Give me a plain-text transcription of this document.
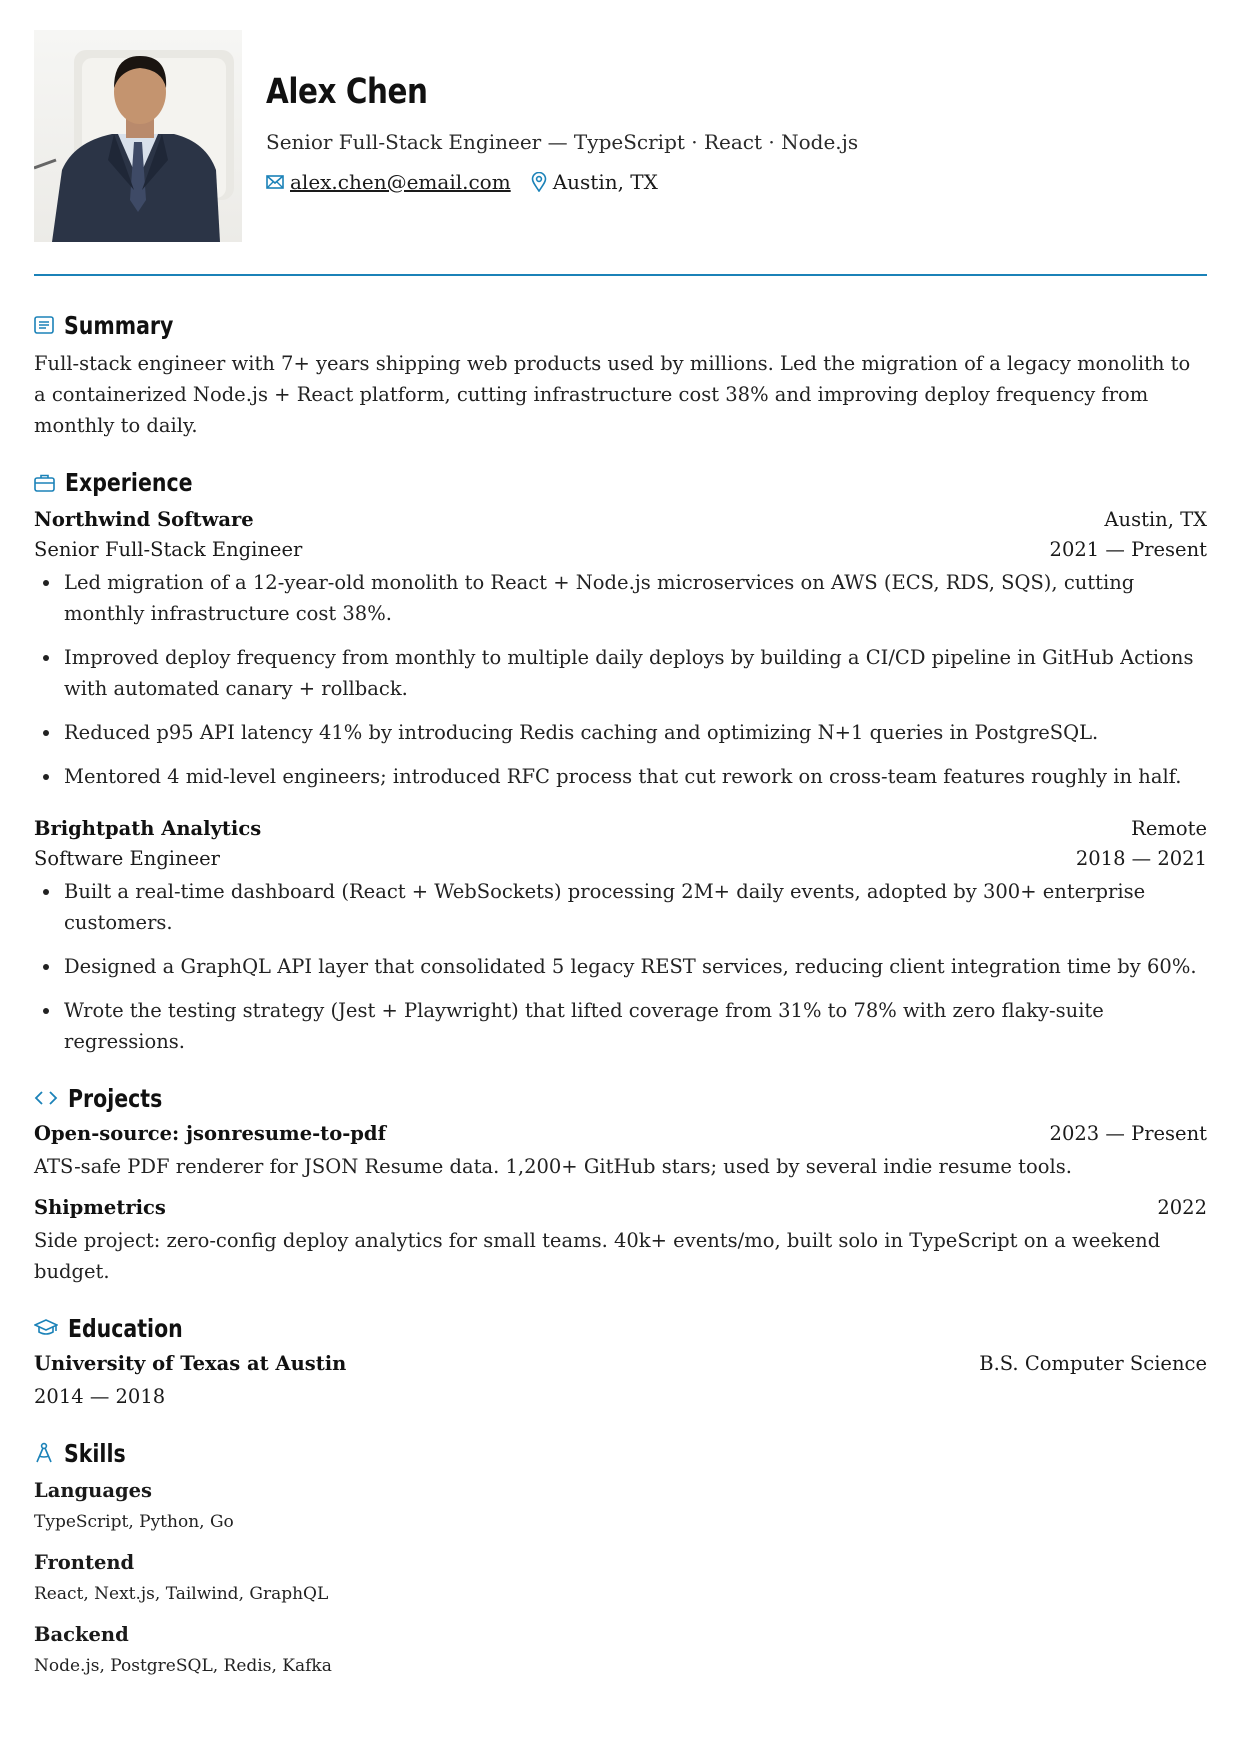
Alex Chen
Senior Full-Stack Engineer — TypeScript · React · Node.js
alex.chen@email.com Austin, TX
Summary

Full-stack engineer with 7+ years shipping web products used by millions. Led the migration of a legacy monolith to a containerized Node.js + React platform, cutting infrastructure cost 38% and improving deploy frequency from monthly to daily.

Experience
Northwind Software	Austin, TX
Senior Full-Stack Engineer	2021 — Present
• Led migration of a 12-year-old monolith to React + Node.js microservices on AWS (ECS, RDS, SQS), cutting monthly infrastructure cost 38%.
• Improved deploy frequency from monthly to multiple daily deploys by building a CI/CD pipeline in GitHub Actions with automated canary + rollback.
• Reduced p95 API latency 41% by introducing Redis caching and optimizing N+1 queries in PostgreSQL.
• Mentored 4 mid-level engineers; introduced RFC process that cut rework on cross-team features roughly in half.
Brightpath Analytics	Remote
Software Engineer	2018 — 2021
• Built a real-time dashboard (React + WebSockets) processing 2M+ daily events, adopted by 300+ enterprise customers.
• Designed a GraphQL API layer that consolidated 5 legacy REST services, reducing client integration time by 60%.
• Wrote the testing strategy (Jest + Playwright) that lifted coverage from 31% to 78% with zero flaky-suite regressions.
Projects
Open-source: jsonresume-to-pdf	2023 — Present

ATS-safe PDF renderer for JSON Resume data. 1,200+ GitHub stars; used by several indie resume tools.

Shipmetrics	2022

Side project: zero-config deploy analytics for small teams. 40k+ events/mo, built solo in TypeScript on a weekend budget.

Education
University of Texas at Austin	B.S. Computer Science
2014 — 2018
Skills
Languages
TypeScript, Python, Go
Frontend
React, Next.js, Tailwind, GraphQL
Backend
Node.js, PostgreSQL, Redis, Kafka
